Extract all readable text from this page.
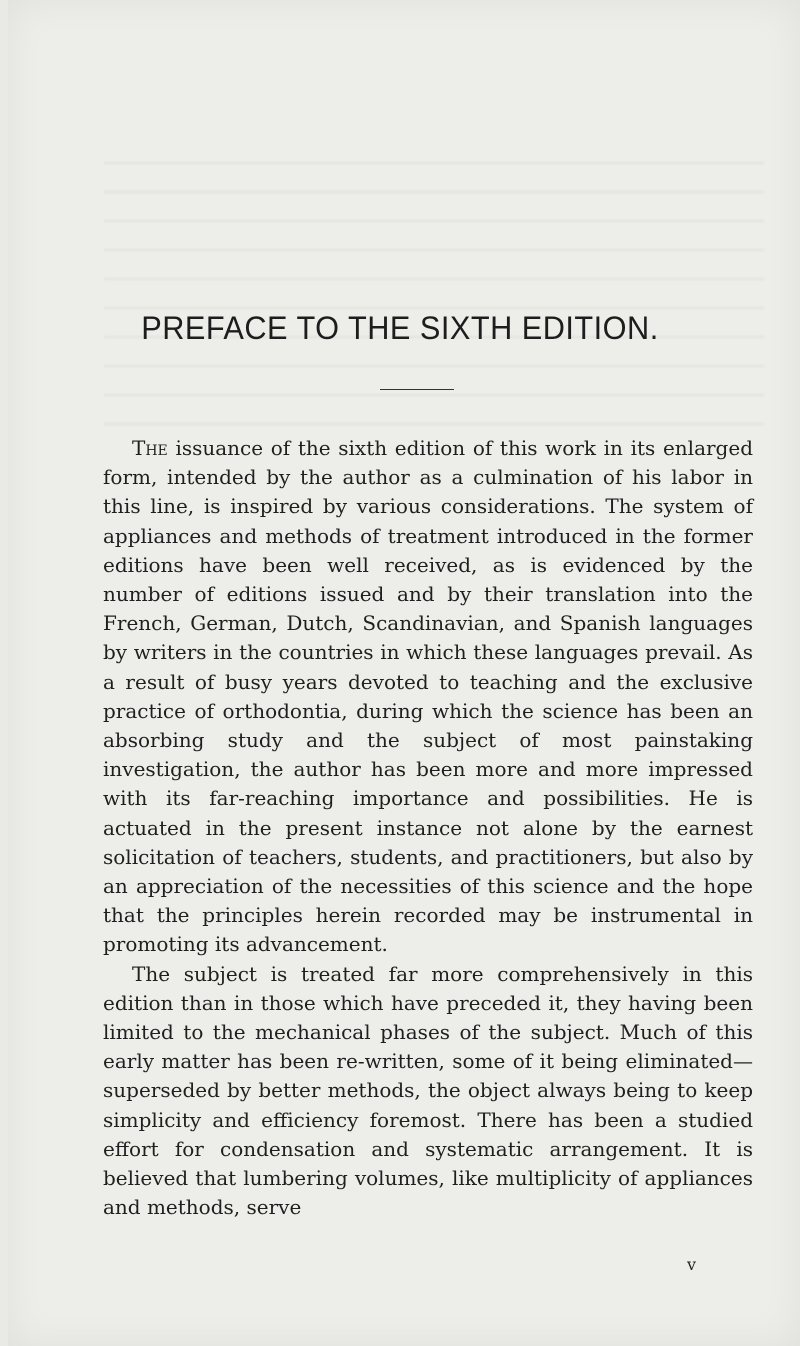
PREFACE TO THE SIXTH EDITION.

The issuance of the sixth edition of this work in its enlarged form, intended by the author as a culmination of his labor in this line, is inspired by various considerations. The system of appliances and methods of treatment introduced in the former editions have been well received, as is evidenced by the number of editions issued and by their translation into the French, German, Dutch, Scandinavian, and Spanish languages by writers in the countries in which these languages prevail. As a result of busy years devoted to teaching and the exclusive practice of orthodontia, during which the science has been an absorbing study and the subject of most painstaking investigation, the author has been more and more impressed with its far-reaching importance and possibilities. He is actuated in the present instance not alone by the earnest solicitation of teachers, students, and practitioners, but also by an appreciation of the necessities of this science and the hope that the principles herein recorded may be instrumental in promoting its advancement.

The subject is treated far more comprehensively in this edition than in those which have preceded it, they having been limited to the mechanical phases of the subject. Much of this early matter has been re-written, some of it being eliminated—superseded by better methods, the object always being to keep simplicity and efficiency foremost. There has been a studied effort for condensation and systematic arrangement. It is believed that lumbering volumes, like multiplicity of appliances and methods, serve

v
